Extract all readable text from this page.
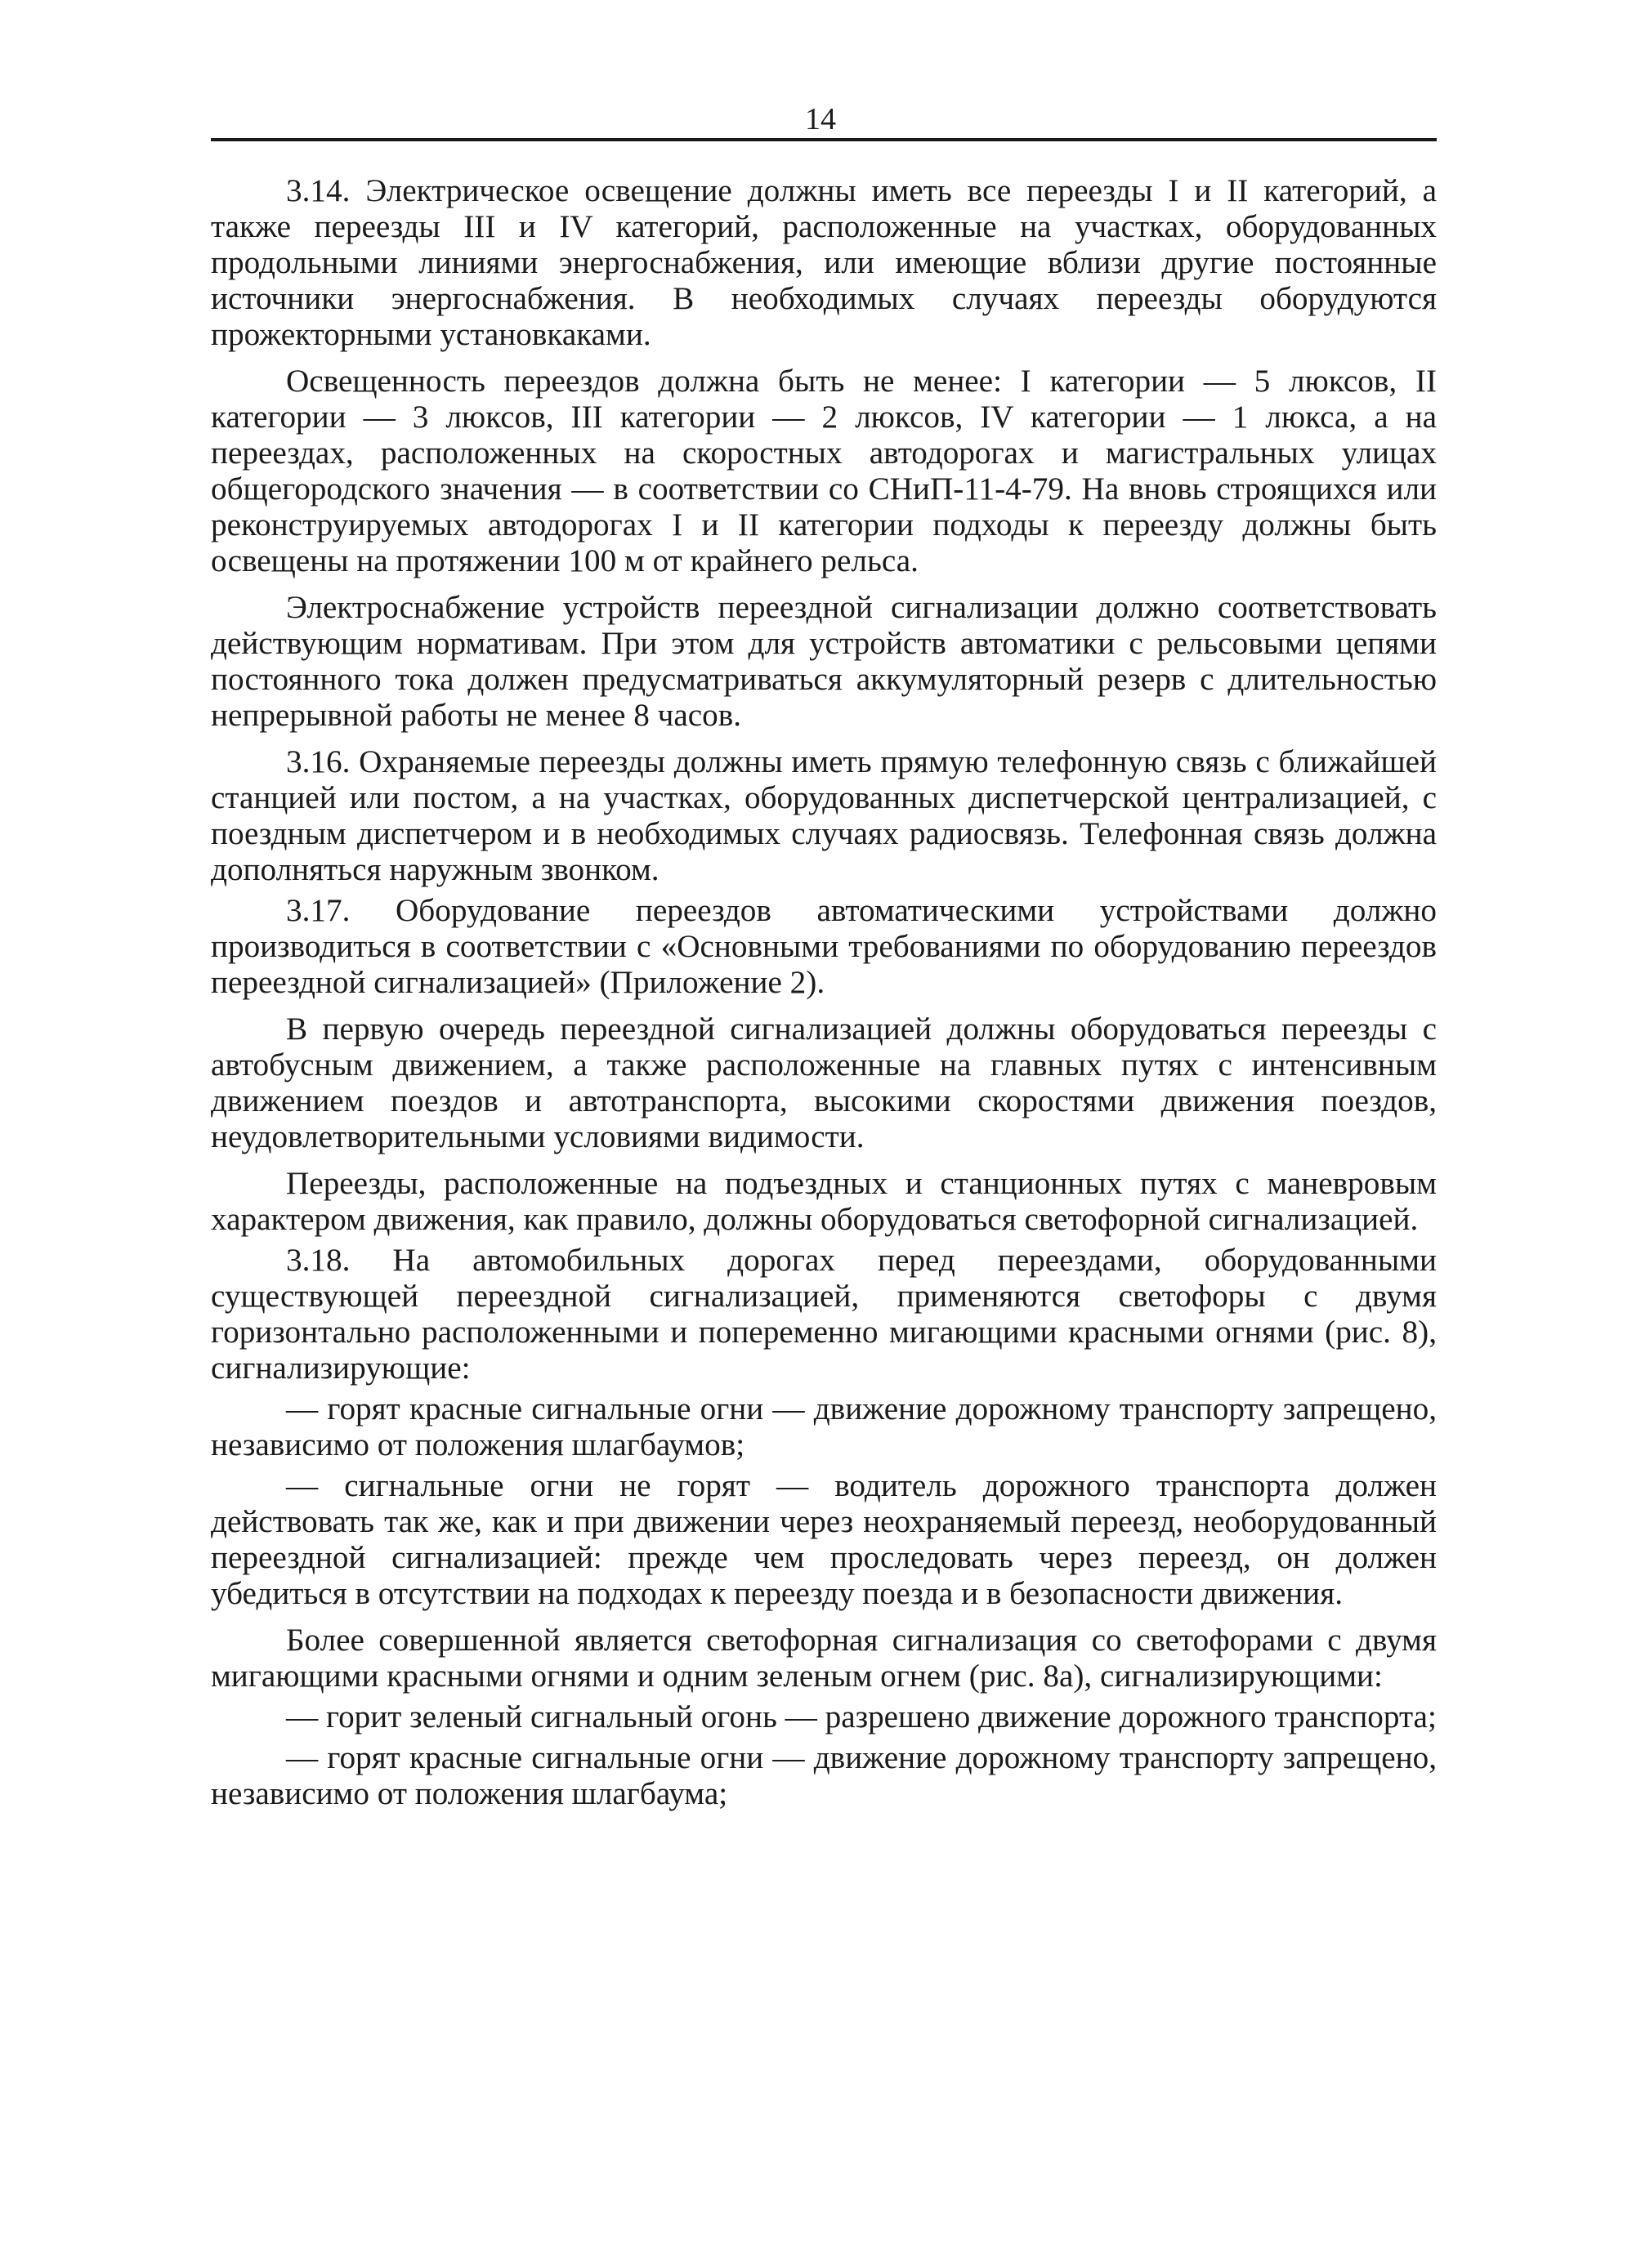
14

3.14. Электрическое освещение должны иметь все переезды I и II категорий, а также переезды III и IV категорий, расположенные на участках, оборудованных продольными линиями энергоснабжения, или имеющие вблизи другие постоянные источники энергоснабжения. В необходимых случаях переезды оборудуются прожекторными установкаками.

Освещенность переездов должна быть не менее: I категории — 5 люксов, II категории — 3 люксов, III категории — 2 люксов, IV категории — 1 люкса, а на переездах, расположенных на скоростных автодорогах и магистральных улицах общегородского значения — в соответствии со СНиП-11-4-79. На вновь строящихся или реконструируемых автодорогах I и II категории подходы к переезду должны быть освещены на протяжении 100 м от крайнего рельса.

Электроснабжение устройств переездной сигнализации должно соответствовать действующим нормативам. При этом для устройств автоматики с рельсовыми цепями постоянного тока должен предусматриваться аккумуляторный резерв с длительностью непрерывной работы не менее 8 часов.

3.16. Охраняемые переезды должны иметь прямую телефонную связь с ближайшей станцией или постом, а на участках, оборудованных диспетчерской централизацией, с поездным диспетчером и в необходимых случаях радиосвязь. Телефонная связь должна дополняться наружным звонком.

3.17. Оборудование переездов автоматическими устройствами должно производиться в соответствии с «Основными требованиями по оборудованию переездов переездной сигнализацией» (Приложение 2).

В первую очередь переездной сигнализацией должны оборудоваться переезды с автобусным движением, а также расположенные на главных путях с интенсивным движением поездов и автотранспорта, высокими скоростями движения поездов, неудовлетворительными условиями видимости.

Переезды, расположенные на подъездных и станционных путях с маневровым характером движения, как правило, должны оборудоваться светофорной сигнализацией.

3.18. На автомобильных дорогах перед переездами, оборудованными существующей переездной сигнализацией, применяются светофоры с двумя горизонтально расположенными и попеременно мигающими красными огнями (рис. 8), сигнализирующие:

— горят красные сигнальные огни — движение дорожному транспорту запрещено, независимо от положения шлагбаумов;

— сигнальные огни не горят — водитель дорожного транспорта должен действовать так же, как и при движении через неохраняемый переезд, необорудованный переездной сигнализацией: прежде чем проследовать через переезд, он должен убедиться в отсутствии на подходах к переезду поезда и в безопасности движения.

Более совершенной является светофорная сигнализация со светофорами с двумя мигающими красными огнями и одним зеленым огнем (рис. 8а), сигнализирующими:

— горит зеленый сигнальный огонь — разрешено движение дорожного транспорта;

— горят красные сигнальные огни — движение дорожному транспорту запрещено, независимо от положения шлагбаума;
